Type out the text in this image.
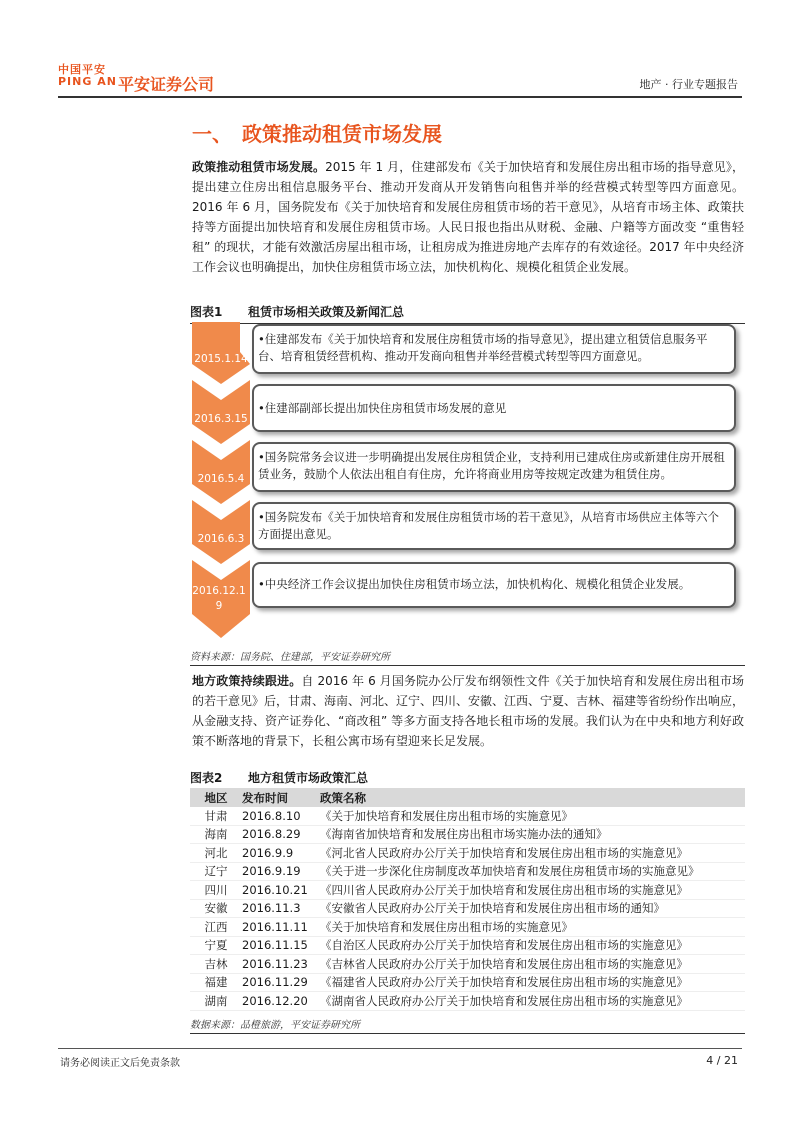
中国平安
PING AN 平安证券公司	地产 · 行业专题报告
一、 政策推动租赁市场发展
政策推动租赁市场发展。2015 年 1 月，住建部发布《关于加快培育和发展住房出租市场的指导意见》，提出建立住房出租信息服务平台、推动开发商从开发销售向租售并举的经营模式转型等四方面意见。2016 年 6 月，国务院发布《关于加快培育和发展住房租赁市场的若干意见》，从培育市场主体、政策扶持等方面提出加快培育和发展住房租赁市场。人民日报也指出从财税、金融、户籍等方面改变 “重售轻租” 的现状，才能有效激活房屋出租市场，让租房成为推进房地产去库存的有效途径。2017 年中央经济工作会议也明确提出，加快住房租赁市场立法，加快机构化、规模化租赁企业发展。
图表1 租赁市场相关政策及新闻汇总
2015.1.14
•住建部发布《关于加快培育和发展住房租赁市场的指导意见》，提出建立租赁信息服务平台、培育租赁经营机构、推动开发商向租售并举经营模式转型等四方面意见。
2016.3.15
•住建部副部长提出加快住房租赁市场发展的意见
2016.5.4
•国务院常务会议进一步明确提出发展住房租赁企业，支持利用已建成住房或新建住房开展租赁业务，鼓励个人依法出租自有住房，允许将商业用房等按规定改建为租赁住房。
2016.6.3
•国务院发布《关于加快培育和发展住房租赁市场的若干意见》，从培育市场供应主体等六个方面提出意见。
2016.12.19
•中央经济工作会议提出加快住房租赁市场立法，加快机构化、规模化租赁企业发展。
资料来源：国务院、住建部，平安证券研究所
地方政策持续跟进。自 2016 年 6 月国务院办公厅发布纲领性文件《关于加快培育和发展住房出租市场的若干意见》后，甘肃、海南、河北、辽宁、四川、安徽、江西、宁夏、吉林、福建等省纷纷作出响应，从金融支持、资产证券化、“商改租” 等多方面支持各地长租市场的发展。我们认为在中央和地方利好政策不断落地的背景下，长租公寓市场有望迎来长足发展。
图表2 地方租赁市场政策汇总
地区	发布时间	政策名称
甘肃	2016.8.10	《关于加快培育和发展住房出租市场的实施意见》
海南	2016.8.29	《海南省加快培育和发展住房出租市场实施办法的通知》
河北	2016.9.9	《河北省人民政府办公厅关于加快培育和发展住房出租市场的实施意见》
辽宁	2016.9.19	《关于进一步深化住房制度改革加快培育和发展住房租赁市场的实施意见》
四川	2016.10.21	《四川省人民政府办公厅关于加快培育和发展住房出租市场的实施意见》
安徽	2016.11.3	《安徽省人民政府办公厅关于加快培育和发展住房出租市场的通知》
江西	2016.11.11	《关于加快培育和发展住房出租市场的实施意见》
宁夏	2016.11.15	《自治区人民政府办公厅关于加快培育和发展住房出租市场的实施意见》
吉林	2016.11.23	《吉林省人民政府办公厅关于加快培育和发展住房出租市场的实施意见》
福建	2016.11.29	《福建省人民政府办公厅关于加快培育和发展住房出租市场的实施意见》
湖南	2016.12.20	《湖南省人民政府办公厅关于加快培育和发展住房出租市场的实施意见》
数据来源：品橙旅游，平安证券研究所
请务必阅读正文后免责条款	4 / 21
